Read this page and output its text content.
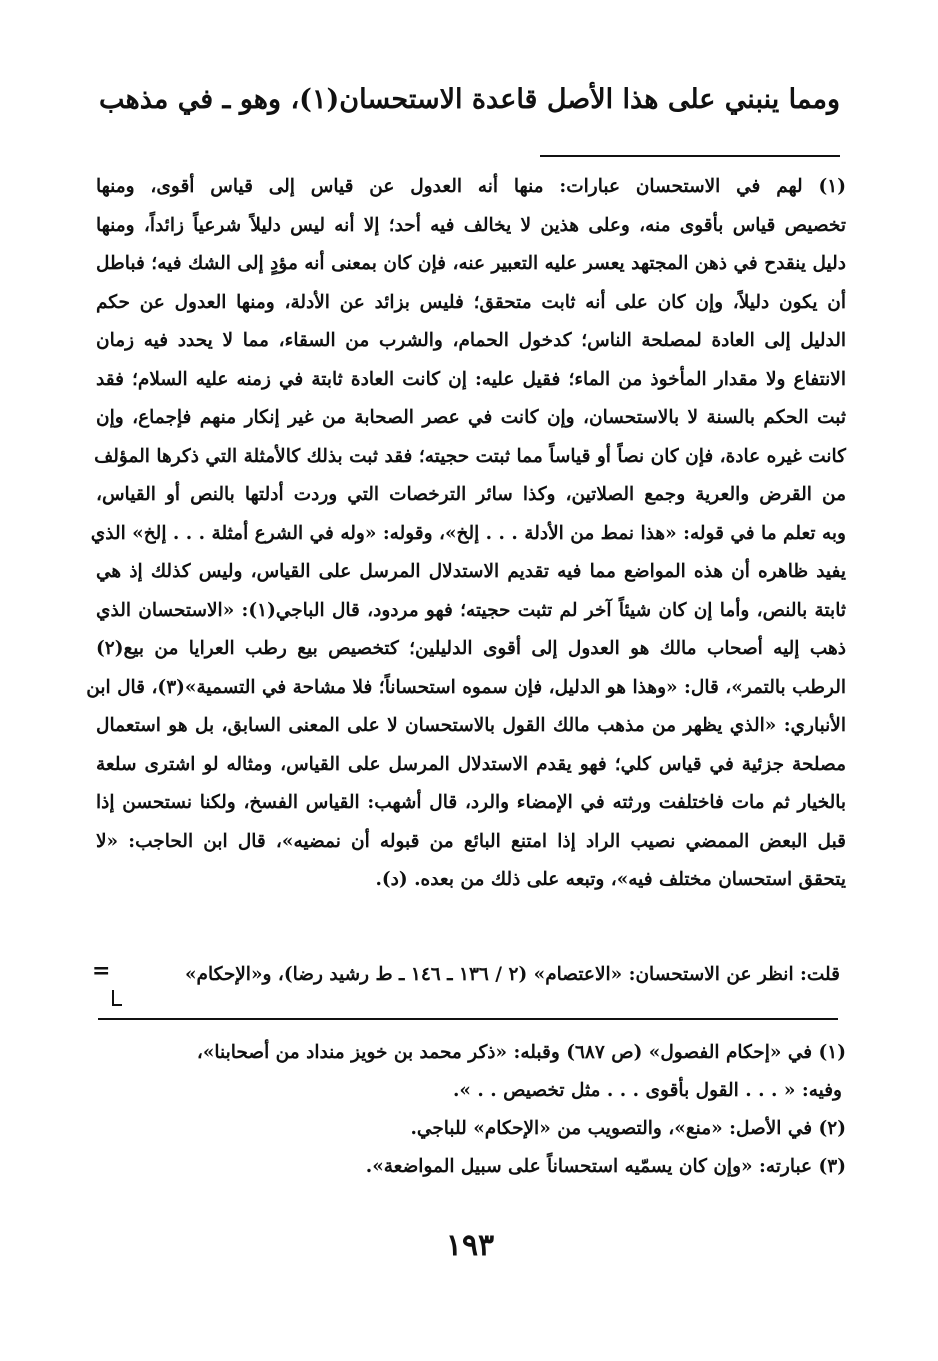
ومما ينبني على هذا الأصل قاعدة الاستحسان(١)، وهو ـ في مذهب
(١) لهم في الاستحسان عبارات: منها أنه العدول عن قياس إلى قياس أقوى، ومنها
تخصيص قياس بأقوى منه، وعلى هذين لا يخالف فيه أحد؛ إلا أنه ليس دليلاً شرعياً زائداً، ومنها
دليل ينقدح في ذهن المجتهد يعسر عليه التعبير عنه، فإن كان بمعنى أنه مؤدٍ إلى الشك فيه؛ فباطل
أن يكون دليلاً، وإن كان على أنه ثابت متحقق؛ فليس بزائد عن الأدلة، ومنها العدول عن حكم
الدليل إلى العادة لمصلحة الناس؛ كدخول الحمام، والشرب من السقاء، مما لا يحدد فيه زمان
الانتفاع ولا مقدار المأخوذ من الماء؛ فقيل عليه: إن كانت العادة ثابتة في زمنه عليه السلام؛ فقد
ثبت الحكم بالسنة لا بالاستحسان، وإن كانت في عصر الصحابة من غير إنكار منهم فإجماع، وإن
كانت غيره عادة، فإن كان نصاً أو قياساً مما ثبتت حجيته؛ فقد ثبت بذلك كالأمثلة التي ذكرها المؤلف
من القرض والعرية وجمع الصلاتين، وكذا سائر الترخصات التي وردت أدلتها بالنص أو القياس،
وبه تعلم ما في قوله: «هذا نمط من الأدلة . . . إلخ»، وقوله: «وله في الشرع أمثلة . . . إلخ» الذي
يفيد ظاهره أن هذه المواضع مما فيه تقديم الاستدلال المرسل على القياس، وليس كذلك إذ هي
ثابتة بالنص، وأما إن كان شيئاً آخر لم تثبت حجيته؛ فهو مردود، قال الباجي(١): «الاستحسان الذي
ذهب إليه أصحاب مالك هو العدول إلى أقوى الدليلين؛ كتخصيص بيع رطب العرايا من بيع(٢)
الرطب بالتمر»، قال: «وهذا هو الدليل، فإن سموه استحساناً؛ فلا مشاحة في التسمية»(٣)، قال ابن
الأنباري: «الذي يظهر من مذهب مالك القول بالاستحسان لا على المعنى السابق، بل هو استعمال
مصلحة جزئية في قياس كلي؛ فهو يقدم الاستدلال المرسل على القياس، ومثاله لو اشترى سلعة
بالخيار ثم مات فاختلفت ورثته في الإمضاء والرد، قال أشهب: القياس الفسخ، ولكنا نستحسن إذا
قبل البعض الممضي نصيب الراد إذا امتنع البائع من قبوله أن نمضيه»، قال ابن الحاجب: «لا
يتحقق استحسان مختلف فيه»، وتبعه على ذلك من بعده. (د).
قلت: انظر عن الاستحسان: «الاعتصام» (٢ / ١٣٦ ـ ١٤٦ ـ ط رشيد رضا)، و«الإحكام»
=
(١) في «إحكام الفصول» (ص ٦٨٧) وقبله: «ذكر محمد بن خويز منداد من أصحابنا»،
وفيه: « . . . القول بأقوى . . . مثل تخصيص . . ».
(٢) في الأصل: «منع»، والتصويب من «الإحكام» للباجي.
(٣) عبارته: «وإن كان يسمّيه استحساناً على سبيل المواضعة».
١٩٣
